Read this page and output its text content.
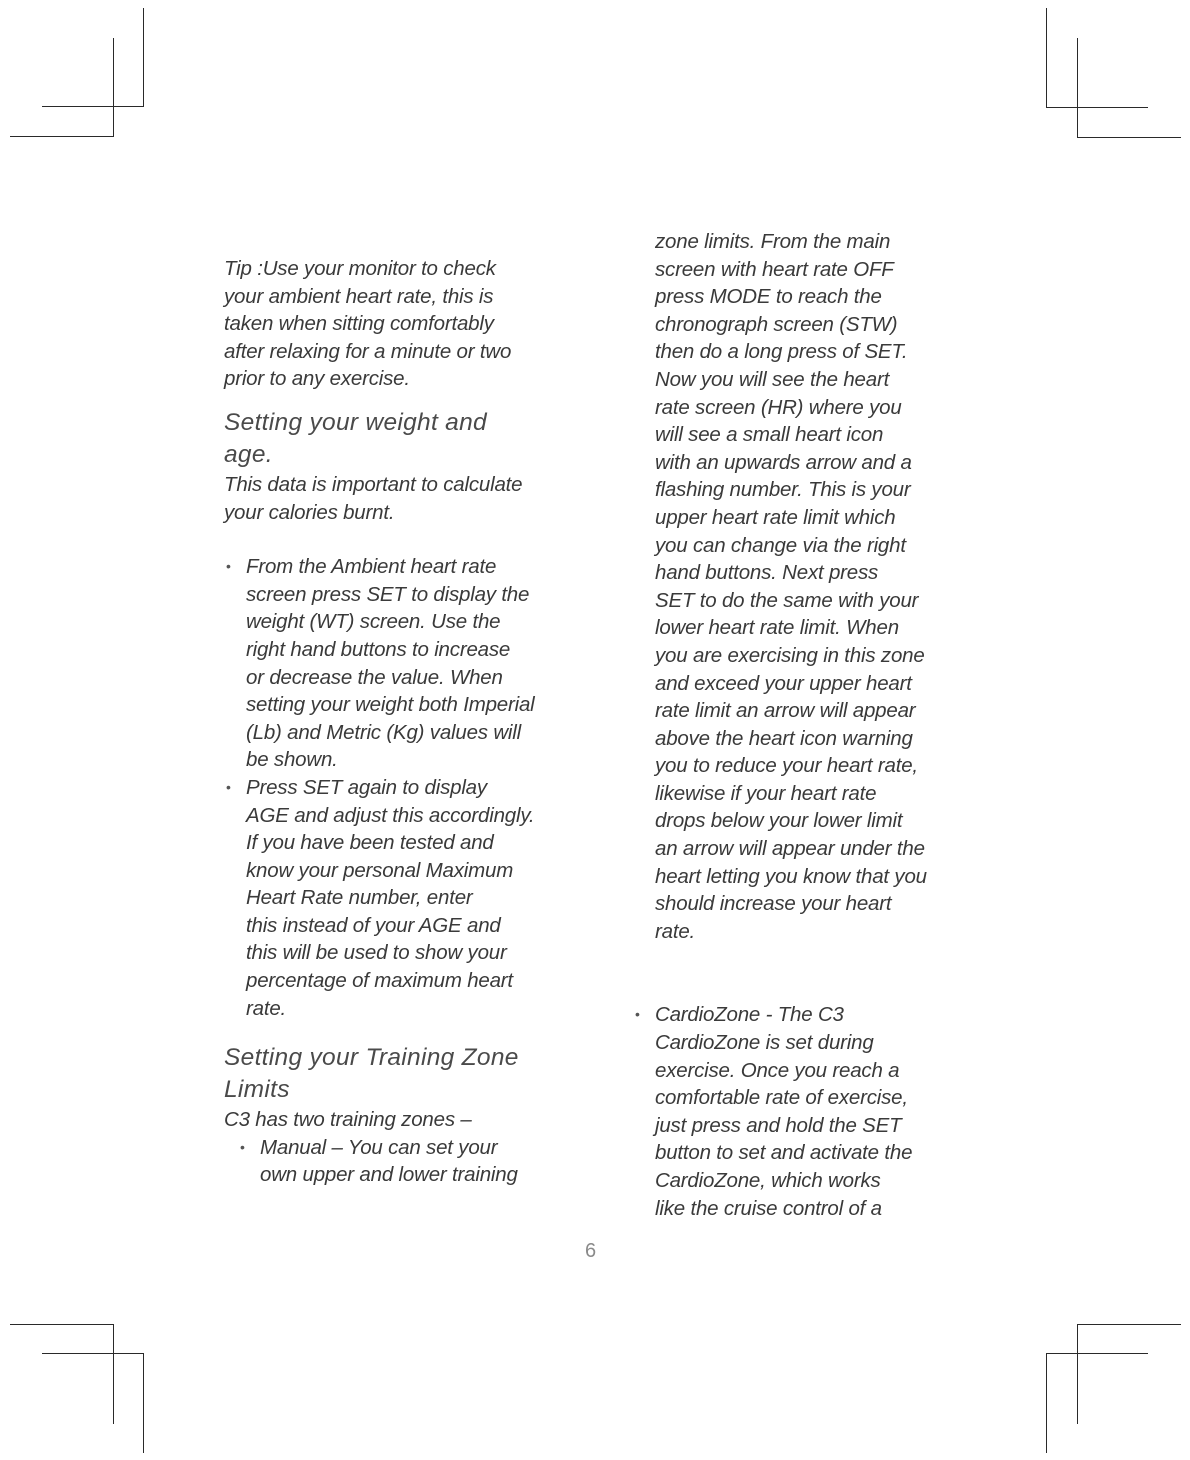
Tip :Use your monitor to check
your ambient heart rate, this is
taken when sitting comfortably
after relaxing for a minute or two
prior to any exercise.

Setting your weight and
age.

This data is important to calculate
your calories burnt.

• From the Ambient heart rate
screen press SET to display the
weight (WT) screen. Use the
right hand buttons to increase
or decrease the value. When
setting your weight both Imperial
(Lb) and Metric (Kg) values will
be shown.
• Press SET again to display
AGE and adjust this accordingly.
If you have been tested and
know your personal Maximum
Heart Rate number, enter
this instead of your AGE and
this will be used to show your
percentage of maximum heart
rate.
Setting your Training Zone
Limits

C3 has two training zones –

• Manual – You can set your
own upper and lower training

zone limits. From the main
screen with heart rate OFF
press MODE to reach the
chronograph screen (STW)
then do a long press of SET.
Now you will see the heart
rate screen (HR) where you
will see a small heart icon
with an upwards arrow and a
flashing number. This is your
upper heart rate limit which
you can change via the right
hand buttons. Next press
SET to do the same with your
lower heart rate limit. When
you are exercising in this zone
and exceed your upper heart
rate limit an arrow will appear
above the heart icon warning
you to reduce your heart rate,
likewise if your heart rate
drops below your lower limit
an arrow will appear under the
heart letting you know that you
should increase your heart
rate.

• CardioZone - The C3
CardioZone is set during
exercise. Once you reach a
comfortable rate of exercise,
just press and hold the SET
button to set and activate the
CardioZone, which works
like the cruise control of a
6
